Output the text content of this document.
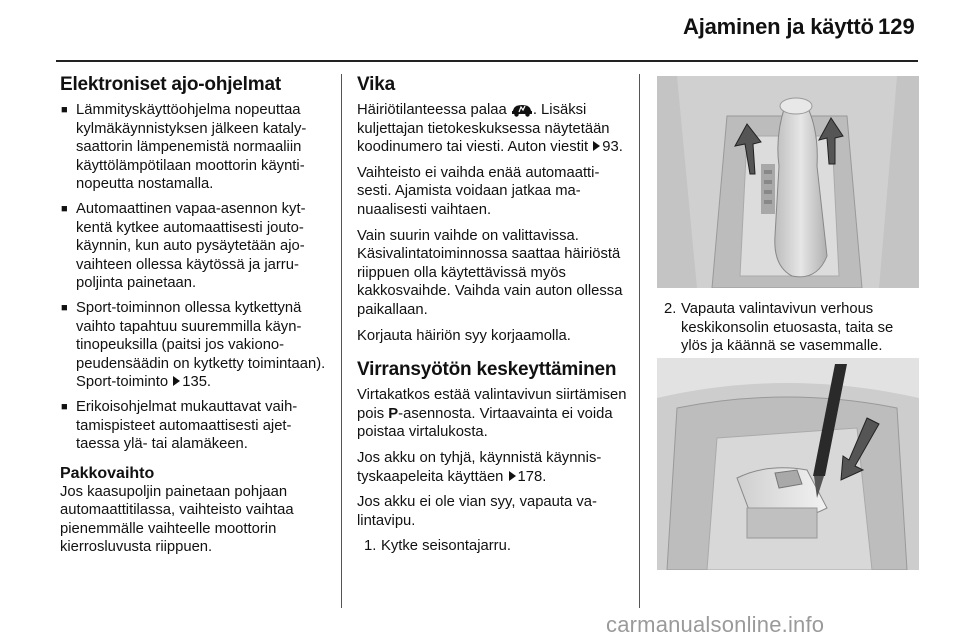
Ajaminen ja käyttö 129
Elektroniset ajo-ohjelmat
■ Lämmityskäyttöohjelma nopeuttaa kylmäkäynnistyksen jälkeen katalysaattorin lämpenemistä normaaliin käyttölämpötilaan moottorin käyntinopeutta nostamalla.
■ Automaattinen vapaa-asennon kytkentä kytkee automaattisesti joutokäynnin, kun auto pysäytetään ajovaihteen ollessa käytössä ja jarrupoljinta painetaan.
■ Sport-toiminnon ollessa kytkettynä vaihto tapahtuu suuremmilla käyntinopeuksilla (paitsi jos vakionopeudensäädin on kytketty toimintaan). Sport-toiminto 135.
■ Erikoisohjelmat mukauttavat vaihtamispisteet automaattisesti ajettaessa ylä- tai alamäkeen.
Pakkovaihto

Jos kaasupoljin painetaan pohjaan automaattitilassa, vaihteisto vaihtaa pienemmälle vaihteelle moottorin kierrosluvusta riippuen.

Vika

Häiriötilanteessa palaa . Lisäksi kuljettajan tietokeskuksessa näytetään koodinumero tai viesti. Auton viestit 93.

Vaihteisto ei vaihda enää automaattisesti. Ajamista voidaan jatkaa manuaalisesti vaihtaen.

Vain suurin vaihde on valittavissa. Käsivalintatoiminnossa saattaa häiriöstä riippuen olla käytettävissä myös kakkosvaihde. Vaihda vain auton ollessa paikallaan.

Korjauta häiriön syy korjaamolla.

Virransyötön keskeyttäminen

Virtakatkos estää valintavivun siirtämisen pois P-asennosta. Virtaavainta ei voida poistaa virtalukosta.

Jos akku on tyhjä, käynnistä käynnistyskaapeleita käyttäen 178.

Jos akku ei ole vian syy, vapauta valintavipu.

1. Kytke seisontajarru.
2. Vapauta valintavivun verhous keskikonsolin etuosasta, taita se ylös ja käännä se vasemmalle.
carmanualsonline.info
